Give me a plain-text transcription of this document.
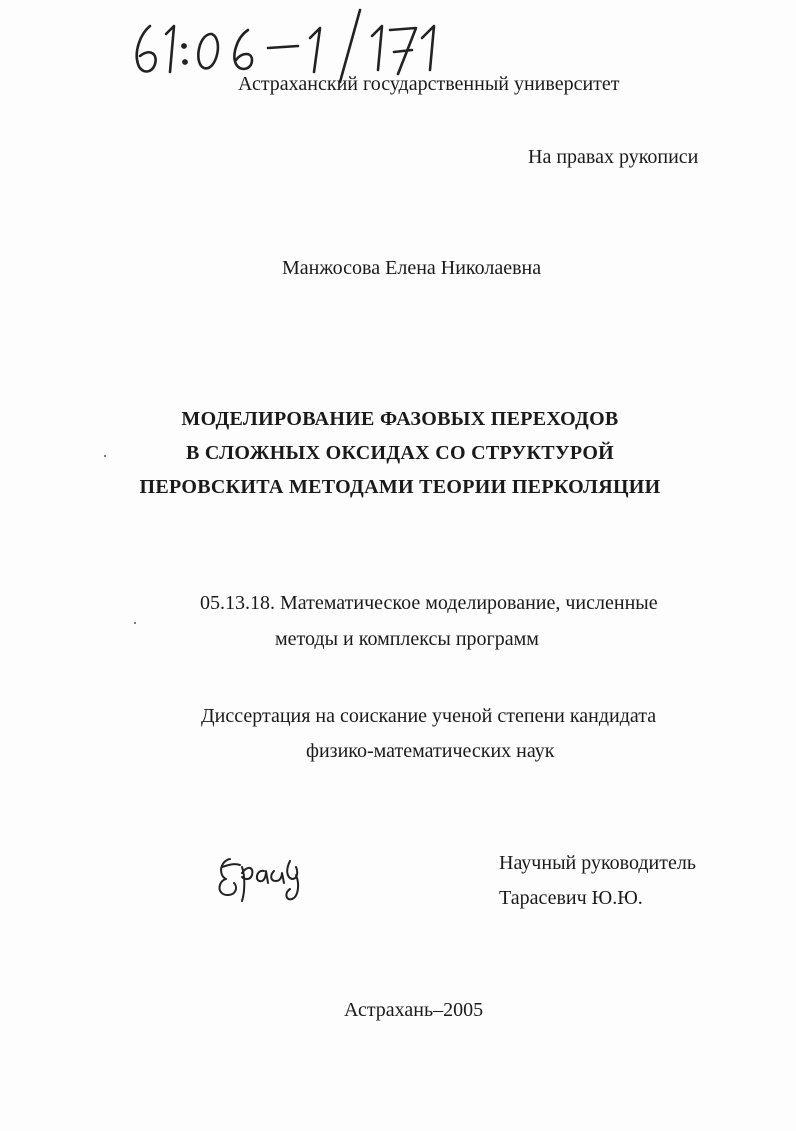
Астраханский государственный университет
На правах рукописи
Манжосова Елена Николаевна
МОДЕЛИРОВАНИЕ ФАЗОВЫХ ПЕРЕХОДОВ
В СЛОЖНЫХ ОКСИДАХ СО СТРУКТУРОЙ
ПЕРОВСКИТА МЕТОДАМИ ТЕОРИИ ПЕРКОЛЯЦИИ
05.13.18. Математическое моделирование, численные
методы и комплексы программ
Диссертация на соискание ученой степени кандидата
физико-математических наук
Научный руководитель
Тарасевич Ю.Ю.
Астрахань–2005
